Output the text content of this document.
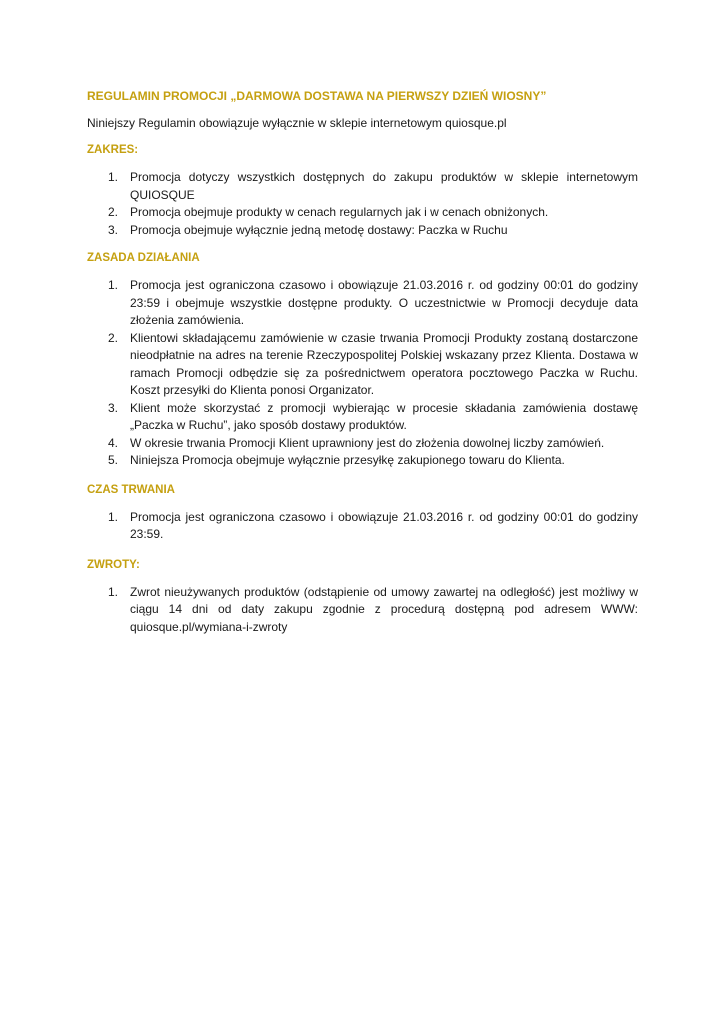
REGULAMIN PROMOCJI „DARMOWA DOSTAWA NA PIERWSZY DZIEŃ WIOSNY”

Niniejszy Regulamin obowiązuje wyłącznie w sklepie internetowym quiosque.pl

ZAKRES:
1. Promocja dotyczy wszystkich dostępnych do zakupu produktów w sklepie internetowym QUIOSQUE
2. Promocja obejmuje produkty w cenach regularnych jak i w cenach obniżonych.
3. Promocja obejmuje wyłącznie jedną metodę dostawy: Paczka w Ruchu
ZASADA DZIAŁANIA
1. Promocja jest ograniczona czasowo i obowiązuje 21.03.2016 r. od godziny 00:01 do godziny 23:59 i obejmuje wszystkie dostępne produkty. O uczestnictwie w Promocji decyduje data złożenia zamówienia.
2. Klientowi składającemu zamówienie w czasie trwania Promocji Produkty zostaną dostarczone nieodpłatnie na adres na terenie Rzeczypospolitej Polskiej wskazany przez Klienta. Dostawa w ramach Promocji odbędzie się za pośrednictwem operatora pocztowego Paczka w Ruchu. Koszt przesyłki do Klienta ponosi Organizator.
3. Klient może skorzystać z promocji wybierając w procesie składania zamówienia dostawę „Paczka w Ruchu”, jako sposób dostawy produktów.
4. W okresie trwania Promocji Klient uprawniony jest do złożenia dowolnej liczby zamówień.
5. Niniejsza Promocja obejmuje wyłącznie przesyłkę zakupionego towaru do Klienta.
CZAS TRWANIA
1. Promocja jest ograniczona czasowo i obowiązuje 21.03.2016 r. od godziny 00:01 do godziny 23:59.
ZWROTY:
1. Zwrot nieużywanych produktów (odstąpienie od umowy zawartej na odległość) jest możliwy w ciągu 14 dni od daty zakupu zgodnie z procedurą dostępną pod adresem WWW: quiosque.pl/wymiana-i-zwroty
